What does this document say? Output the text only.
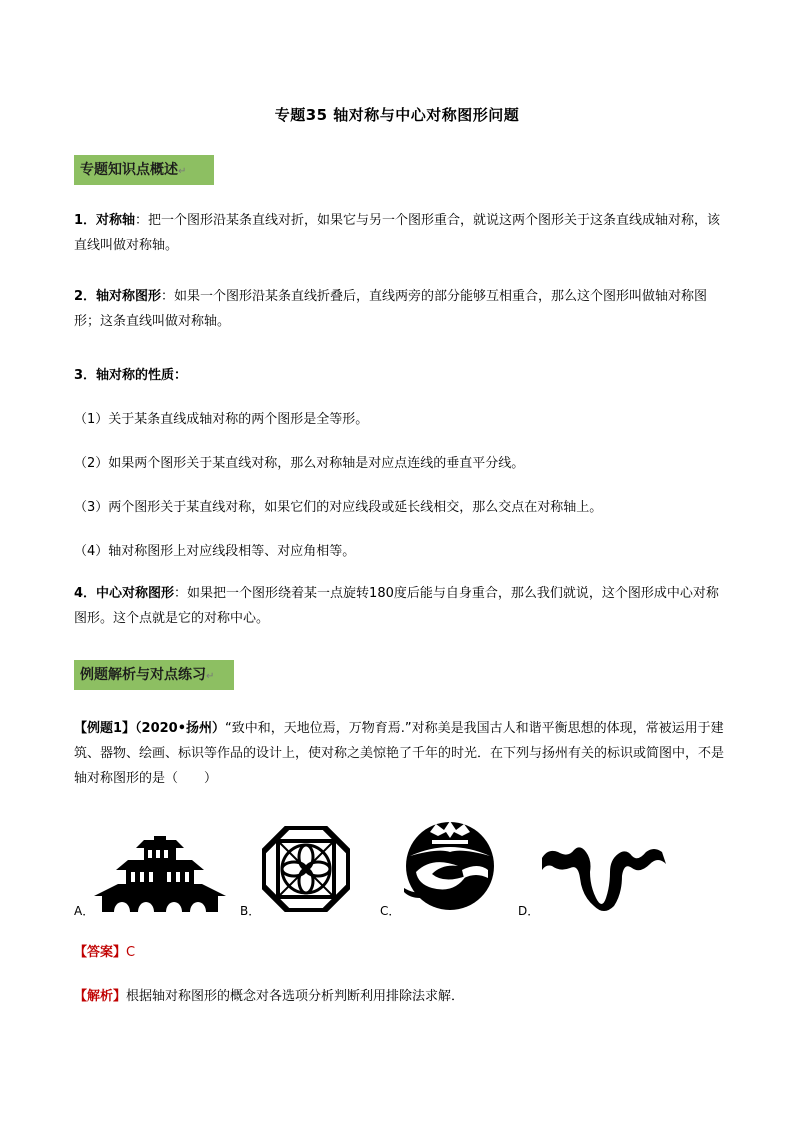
专题35 轴对称与中心对称图形问题
专题知识点概述↵
1．对称轴：把一个图形沿某条直线对折，如果它与另一个图形重合，就说这两个图形关于这条直线成轴对称，该直线叫做对称轴。
2．轴对称图形：如果一个图形沿某条直线折叠后，直线两旁的部分能够互相重合，那么这个图形叫做轴对称图形；这条直线叫做对称轴。
3．轴对称的性质：
（1）关于某条直线成轴对称的两个图形是全等形。
（2）如果两个图形关于某直线对称，那么对称轴是对应点连线的垂直平分线。
（3）两个图形关于某直线对称，如果它们的对应线段或延长线相交，那么交点在对称轴上。
（4）轴对称图形上对应线段相等、对应角相等。
4．中心对称图形：如果把一个图形绕着某一点旋转180度后能与自身重合，那么我们就说，这个图形成中心对称图形。这个点就是它的对称中心。
例题解析与对点练习↵
【例题1】（2020•扬州）“致中和，天地位焉，万物育焉.”对称美是我国古人和谐平衡思想的体现，常被运用于建筑、器物、绘画、标识等作品的设计上，使对称之美惊艳了千年的时光．在下列与扬州有关的标识或简图中，不是轴对称图形的是（　　）
A．	B．	C．	D．
【答案】C
【解析】根据轴对称图形的概念对各选项分析判断利用排除法求解．
